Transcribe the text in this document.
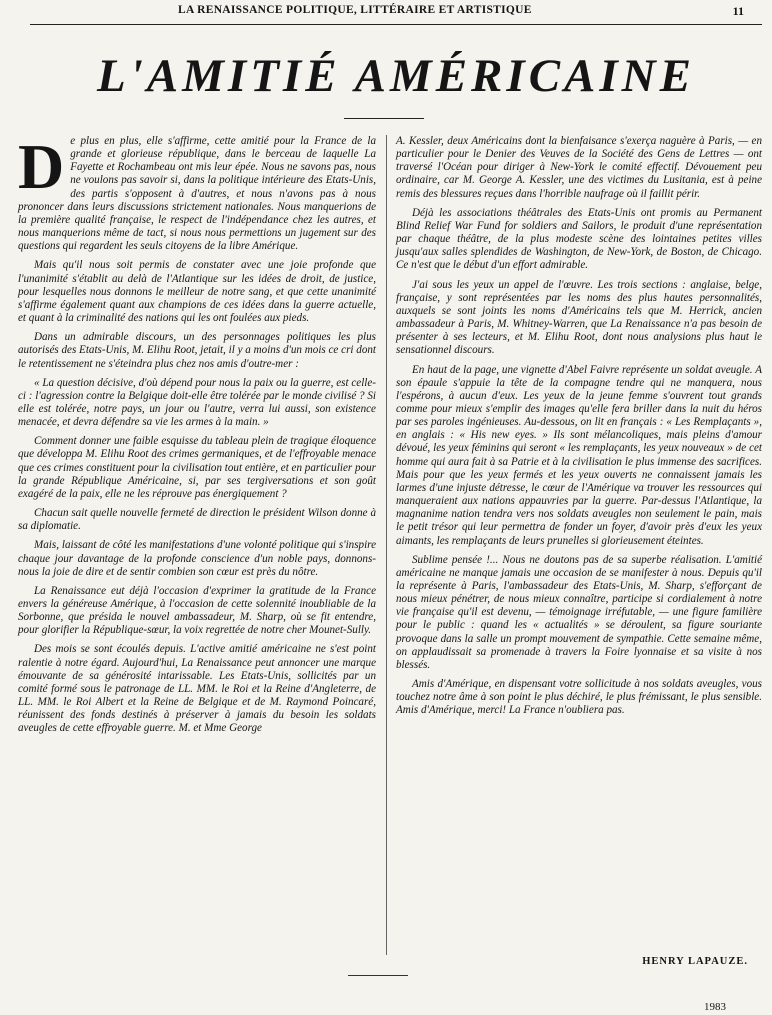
LA RENAISSANCE POLITIQUE, LITTÉRAIRE ET ARTISTIQUE	11
L'AMITIÉ AMÉRICAINE

De plus en plus, elle s'affirme, cette amitié pour la France de la grande et glorieuse république, dans le berceau de laquelle La Fayette et Rochambeau ont mis leur épée. Nous ne savons pas, nous ne voulons pas savoir si, dans la politique intérieure des Etats-Unis, des partis s'opposent à d'autres, et nous n'avons pas à nous prononcer dans leurs discussions strictement nationales. Nous manquerions de la première qualité française, le respect de l'indépendance chez les autres, et nous manquerions même de tact, si nous nous permettions un jugement sur des questions qui regardent les seuls citoyens de la libre Amérique.

Mais qu'il nous soit permis de constater avec une joie profonde que l'unanimité s'établit au delà de l'Atlantique sur les idées de droit, de justice, pour lesquelles nous donnons le meilleur de notre sang, et que cette unanimité s'affirme également quant aux champions de ces idées dans la guerre actuelle, et quant à la criminalité des nations qui les ont foulées aux pieds.

Dans un admirable discours, un des personnages politiques les plus autorisés des Etats-Unis, M. Elihu Root, jetait, il y a moins d'un mois ce cri dont le retentissement ne s'éteindra plus chez nos amis d'outre-mer :

« La question décisive, d'où dépend pour nous la paix ou la guerre, est celle-ci : l'agression contre la Belgique doit-elle être tolérée par le monde civilisé ? Si elle est tolérée, notre pays, un jour ou l'autre, verra lui aussi, son existence menacée, et devra défendre sa vie les armes à la main. »

Comment donner une faible esquisse du tableau plein de tragique éloquence que développa M. Elihu Root des crimes germaniques, et de l'effroyable menace que ces crimes constituent pour la civilisation tout entière, et en particulier pour la grande République Américaine, si, par ses tergiversations et son goût exagéré de la paix, elle ne les réprouve pas énergiquement ?

Chacun sait quelle nouvelle fermeté de direction le président Wilson donne à sa diplomatie.

Mais, laissant de côté les manifestations d'une volonté politique qui s'inspire chaque jour davantage de la profonde conscience d'un noble pays, donnons-nous la joie de dire et de sentir combien son cœur est près du nôtre.

La Renaissance eut déjà l'occasion d'exprimer la gratitude de la France envers la généreuse Amérique, à l'occasion de cette solennité inoubliable de la Sorbonne, que présida le nouvel ambassadeur, M. Sharp, où se fit entendre, pour glorifier la République-sœur, la voix regrettée de notre cher Mounet-Sully.

Des mois se sont écoulés depuis. L'active amitié américaine ne s'est point ralentie à notre égard. Aujourd'hui, La Renaissance peut annoncer une marque émouvante de sa générosité intarissable. Les Etats-Unis, sollicités par un comité formé sous le patronage de LL. MM. le Roi et la Reine d'Angleterre, de LL. MM. le Roi Albert et la Reine de Belgique et de M. Raymond Poincaré, réunissent des fonds destinés à préserver à jamais du besoin les soldats aveugles de cette effroyable guerre. M. et Mme George

A. Kessler, deux Américains dont la bienfaisance s'exerça naguère à Paris, — en particulier pour le Denier des Veuves de la Société des Gens de Lettres — ont traversé l'Océan pour diriger à New-York le comité effectif. Dévouement peu ordinaire, car M. George A. Kessler, une des victimes du Lusitania, est à peine remis des blessures reçues dans l'horrible naufrage où il faillit périr.

Déjà les associations théâtrales des Etats-Unis ont promis au Permanent Blind Relief War Fund for soldiers and Sailors, le produit d'une représentation par chaque théâtre, de la plus modeste scène des lointaines petites villes jusqu'aux salles splendides de Washington, de New-York, de Boston, de Chicago. Ce n'est que le début d'un effort admirable.

J'ai sous les yeux un appel de l'œuvre. Les trois sections : anglaise, belge, française, y sont représentées par les noms des plus hautes personnalités, auxquels se sont joints les noms d'Américains tels que M. Herrick, ancien ambassadeur à Paris, M. Whitney-Warren, que La Renaissance n'a pas besoin de présenter à ses lecteurs, et M. Elihu Root, dont nous analysions plus haut le sensationnel discours.

En haut de la page, une vignette d'Abel Faivre représente un soldat aveugle. A son épaule s'appuie la tête de la compagne tendre qui ne manquera, nous l'espérons, à aucun d'eux. Les yeux de la jeune femme s'ouvrent tout grands comme pour mieux s'emplir des images qu'elle fera briller dans la nuit du héros par ses paroles ingénieuses. Au-dessous, on lit en français : « Les Remplaçants », en anglais : « His new eyes. » Ils sont mélancoliques, mais pleins d'amour dévoué, les yeux féminins qui seront « les remplaçants, les yeux nouveaux » de cet homme qui aura fait à sa Patrie et à la civilisation le plus immense des sacrifices. Mais pour que les yeux fermés et les yeux ouverts ne connaissent jamais les larmes d'une injuste détresse, le cœur de l'Amérique va trouver les ressources qui manqueraient aux nations appauvries par la guerre. Par-dessus l'Atlantique, la magnanime nation tendra vers nos soldats aveugles non seulement le pain, mais le petit trésor qui leur permettra de fonder un foyer, d'avoir près d'eux les yeux aimants, les remplaçants de leurs prunelles si glorieusement éteintes.

Sublime pensée !... Nous ne doutons pas de sa superbe réalisation. L'amitié américaine ne manque jamais une occasion de se manifester à nous. Depuis qu'il la représente à Paris, l'ambassadeur des Etats-Unis, M. Sharp, s'efforçant de nous mieux pénétrer, de nous mieux connaître, participe si cordialement à notre vie française qu'il est devenu, — témoignage irréfutable, — une figure familière pour le public : quand les « actualités » se déroulent, sa figure souriante provoque dans la salle un prompt mouvement de sympathie. Cette semaine même, on applaudissait sa promenade à travers la Foire lyonnaise et sa visite à nos blessés.

Amis d'Amérique, en dispensant votre sollicitude à nos soldats aveugles, vous touchez notre âme à son point le plus déchiré, le plus frémissant, le plus sensible. Amis d'Amérique, merci! La France n'oubliera pas.

HENRY LAPAUZE.
1983
